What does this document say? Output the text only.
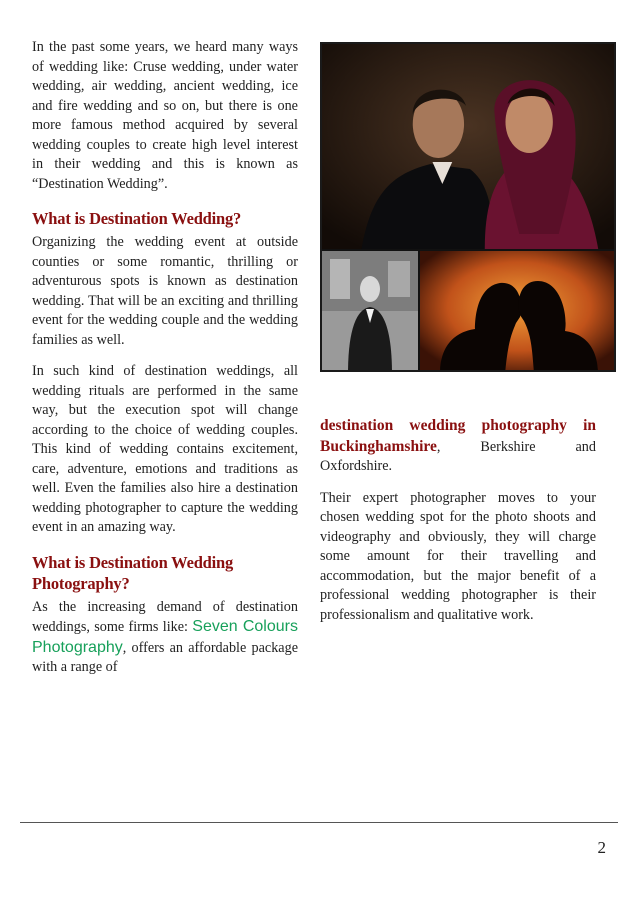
In the past some years, we heard many ways of wedding like: Cruse wedding, under water wedding, air wedding, ancient wedding, ice and fire wedding and so on, but there is one more famous method acquired by several wedding couples to create high level interest in their wedding and this is known as “Destination Wedding”.

What is Destination Wedding?

Organizing the wedding event at outside counties or some romantic, thrilling or adventurous spots is known as destination wedding. That will be an exciting and thrilling event for the wedding couple and the wedding families as well.

In such kind of destination weddings, all wedding rituals are performed in the same way, but the execution spot will change according to the choice of wedding couples. This kind of wedding contains excitement, care, adventure, emotions and traditions as well. Even the families also hire a destination wedding photographer to capture the wedding event in an amazing way.

What is Destination Wedding Photography?

As the increasing demand of destination weddings, some firms like: Seven Colours Photography, offers an affordable package with a range of

destination wedding photography in Buckinghamshire, Berkshire and Oxfordshire.

Their expert photographer moves to your chosen wedding spot for the photo shoots and videography and obviously, they will charge some amount for their travelling and accommodation, but the major benefit of a professional wedding photographer is their professionalism and qualitative work.

2
